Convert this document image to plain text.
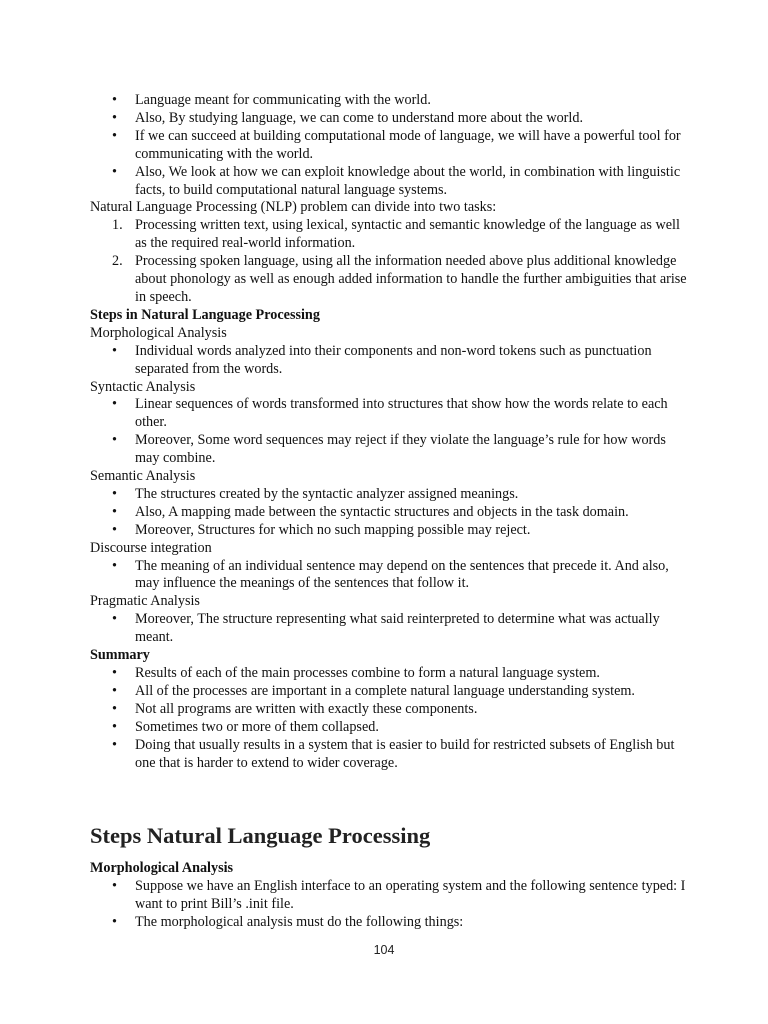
• Language meant for communicating with the world.
• Also, By studying language, we can come to understand more about the world.
• If we can succeed at building computational mode of language, we will have a powerful tool for communicating with the world.
• Also, We look at how we can exploit knowledge about the world, in combination with linguistic facts, to build computational natural language systems.

Natural Language Processing (NLP) problem can divide into two tasks:

1. Processing written text, using lexical, syntactic and semantic knowledge of the language as well as the required real-world information.
2. Processing spoken language, using all the information needed above plus additional knowledge about phonology as well as enough added information to handle the further ambiguities that arise in speech.

Steps in Natural Language Processing

Morphological Analysis

• Individual words analyzed into their components and non-word tokens such as punctuation separated from the words.

Syntactic Analysis

• Linear sequences of words transformed into structures that show how the words relate to each other.
• Moreover, Some word sequences may reject if they violate the language’s rule for how words may combine.

Semantic Analysis

• The structures created by the syntactic analyzer assigned meanings.
• Also, A mapping made between the syntactic structures and objects in the task domain.
• Moreover, Structures for which no such mapping possible may reject.

Discourse integration

• The meaning of an individual sentence may depend on the sentences that precede it. And also, may influence the meanings of the sentences that follow it.

Pragmatic Analysis

• Moreover, The structure representing what said reinterpreted to determine what was actually meant.

Summary

• Results of each of the main processes combine to form a natural language system.
• All of the processes are important in a complete natural language understanding system.
• Not all programs are written with exactly these components.
• Sometimes two or more of them collapsed.
• Doing that usually results in a system that is easier to build for restricted subsets of English but one that is harder to extend to wider coverage.
Steps Natural Language Processing

Morphological Analysis

• Suppose we have an English interface to an operating system and the following sentence typed: I want to print Bill’s .init file.
• The morphological analysis must do the following things:
104
